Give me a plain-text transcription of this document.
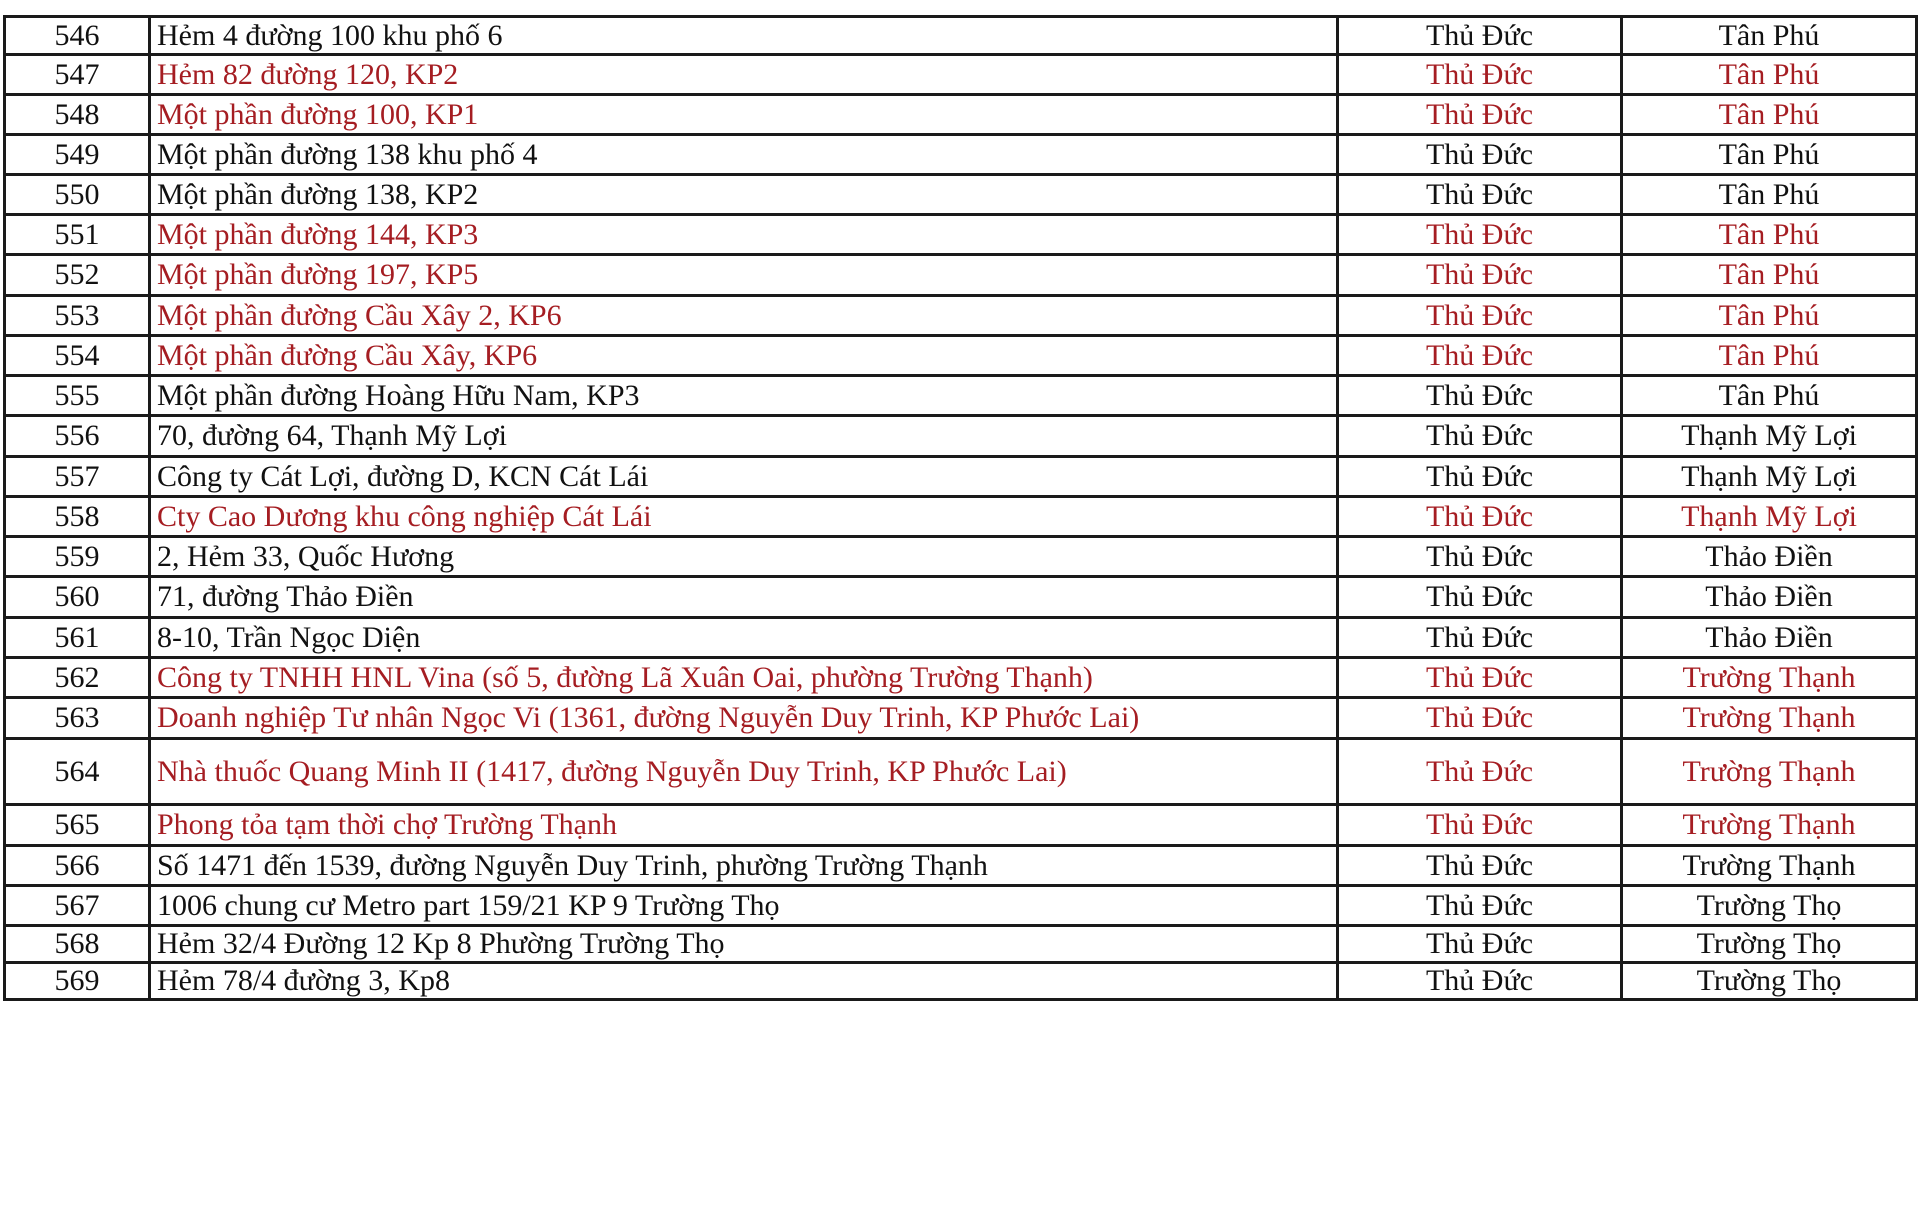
546	Hẻm 4 đường 100 khu phố 6	Thủ Đức	Tân Phú
547	Hẻm 82 đường 120, KP2	Thủ Đức	Tân Phú
548	Một phần đường 100, KP1	Thủ Đức	Tân Phú
549	Một phần đường 138 khu phố 4	Thủ Đức	Tân Phú
550	Một phần đường 138, KP2	Thủ Đức	Tân Phú
551	Một phần đường 144, KP3	Thủ Đức	Tân Phú
552	Một phần đường 197, KP5	Thủ Đức	Tân Phú
553	Một phần đường Cầu Xây 2, KP6	Thủ Đức	Tân Phú
554	Một phần đường Cầu Xây, KP6	Thủ Đức	Tân Phú
555	Một phần đường Hoàng Hữu Nam, KP3	Thủ Đức	Tân Phú
556	70, đường 64, Thạnh Mỹ Lợi	Thủ Đức	Thạnh Mỹ Lợi
557	Công ty Cát Lợi, đường D, KCN Cát Lái	Thủ Đức	Thạnh Mỹ Lợi
558	Cty Cao Dương khu công nghiệp Cát Lái	Thủ Đức	Thạnh Mỹ Lợi
559	2, Hẻm 33, Quốc Hương	Thủ Đức	Thảo Điền
560	71, đường Thảo Điền	Thủ Đức	Thảo Điền
561	8-10, Trần Ngọc Diện	Thủ Đức	Thảo Điền
562	Công ty TNHH HNL Vina (số 5, đường Lã Xuân Oai, phường Trường Thạnh)	Thủ Đức	Trường Thạnh
563	Doanh nghiệp Tư nhân Ngọc Vi (1361, đường Nguyễn Duy Trinh, KP Phước Lai)	Thủ Đức	Trường Thạnh
564	Nhà thuốc Quang Minh II (1417, đường Nguyễn Duy Trinh, KP Phước Lai)	Thủ Đức	Trường Thạnh
565	Phong tỏa tạm thời chợ Trường Thạnh	Thủ Đức	Trường Thạnh
566	Số 1471 đến 1539, đường Nguyễn Duy Trinh, phường Trường Thạnh	Thủ Đức	Trường Thạnh
567	1006 chung cư Metro part 159/21 KP 9 Trường Thọ	Thủ Đức	Trường Thọ
568	Hẻm 32/4 Đường 12 Kp 8 Phường Trường Thọ	Thủ Đức	Trường Thọ
569	Hẻm 78/4 đường 3, Kp8	Thủ Đức	Trường Thọ
